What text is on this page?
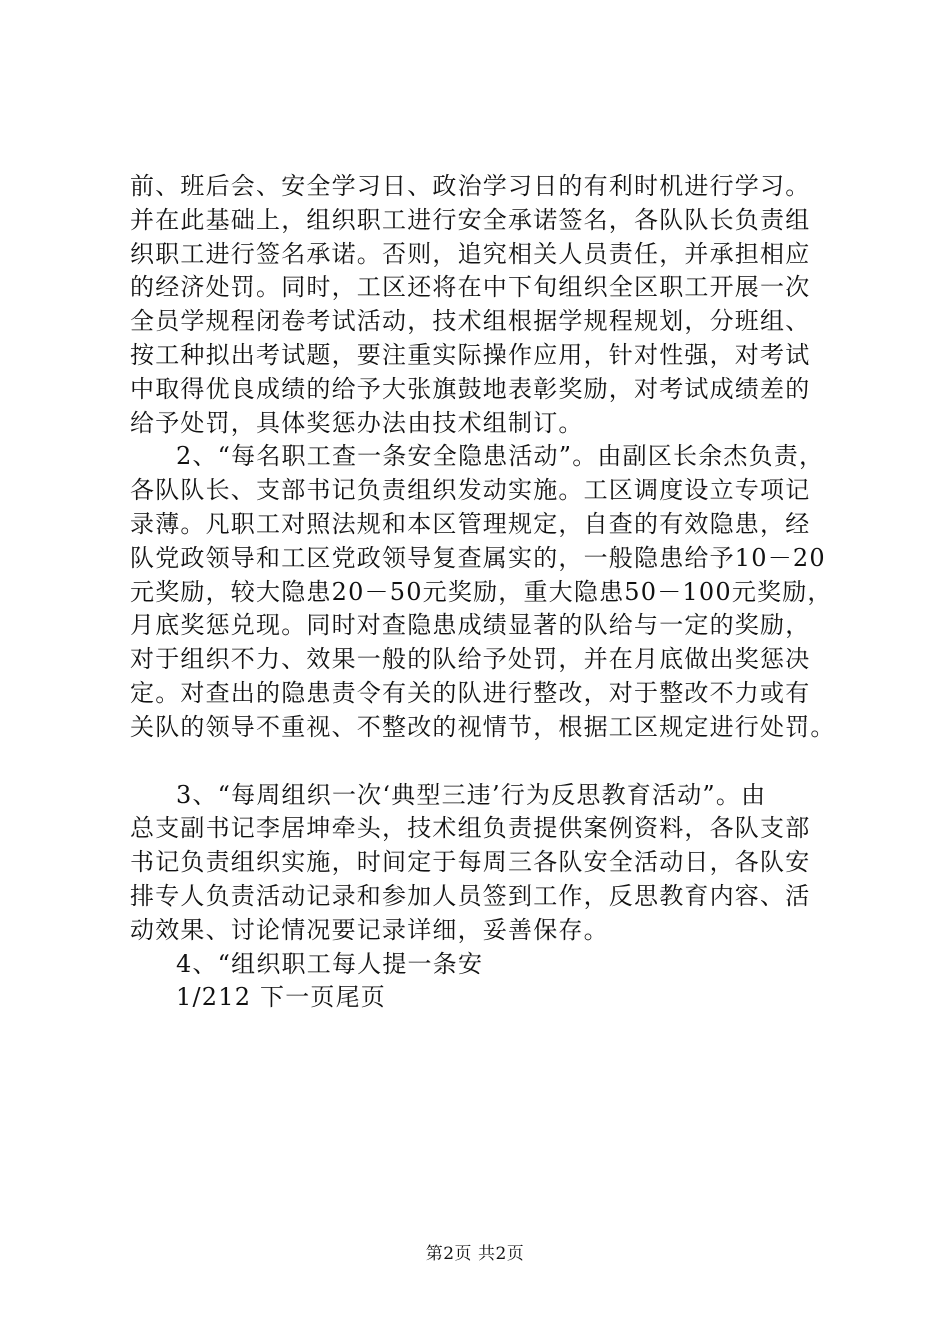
前、班后会、安全学习日、政治学习日的有利时机进行学习。
并在此基础上，组织职工进行安全承诺签名，各队队长负责组
织职工进行签名承诺。否则，追究相关人员责任，并承担相应
的经济处罚。同时，工区还将在中下旬组织全区职工开展一次
全员学规程闭卷考试活动，技术组根据学规程规划，分班组、
按工种拟出考试题，要注重实际操作应用，针对性强，对考试
中取得优良成绩的给予大张旗鼓地表彰奖励，对考试成绩差的
给予处罚，具体奖惩办法由技术组制订。
2、“每名职工查一条安全隐患活动”。由副区长余杰负责，
各队队长、支部书记负责组织发动实施。工区调度设立专项记
录薄。凡职工对照法规和本区管理规定，自查的有效隐患，经
队党政领导和工区党政领导复查属实的，一般隐患给予10－20
元奖励，较大隐患20－50元奖励，重大隐患50－100元奖励，
月底奖惩兑现。同时对查隐患成绩显著的队给与一定的奖励，
对于组织不力、效果一般的队给予处罚，并在月底做出奖惩决
定。对查出的隐患责令有关的队进行整改，对于整改不力或有
关队的领导不重视、不整改的视情节，根据工区规定进行处罚。
3、“每周组织一次‘典型三违’行为反思教育活动”。由
总支副书记李居坤牵头，技术组负责提供案例资料，各队支部
书记负责组织实施，时间定于每周三各队安全活动日，各队安
排专人负责活动记录和参加人员签到工作，反思教育内容、活
动效果、讨论情况要记录详细，妥善保存。
4、“组织职工每人提一条安
1/212 下一页尾页
第2页 共2页
